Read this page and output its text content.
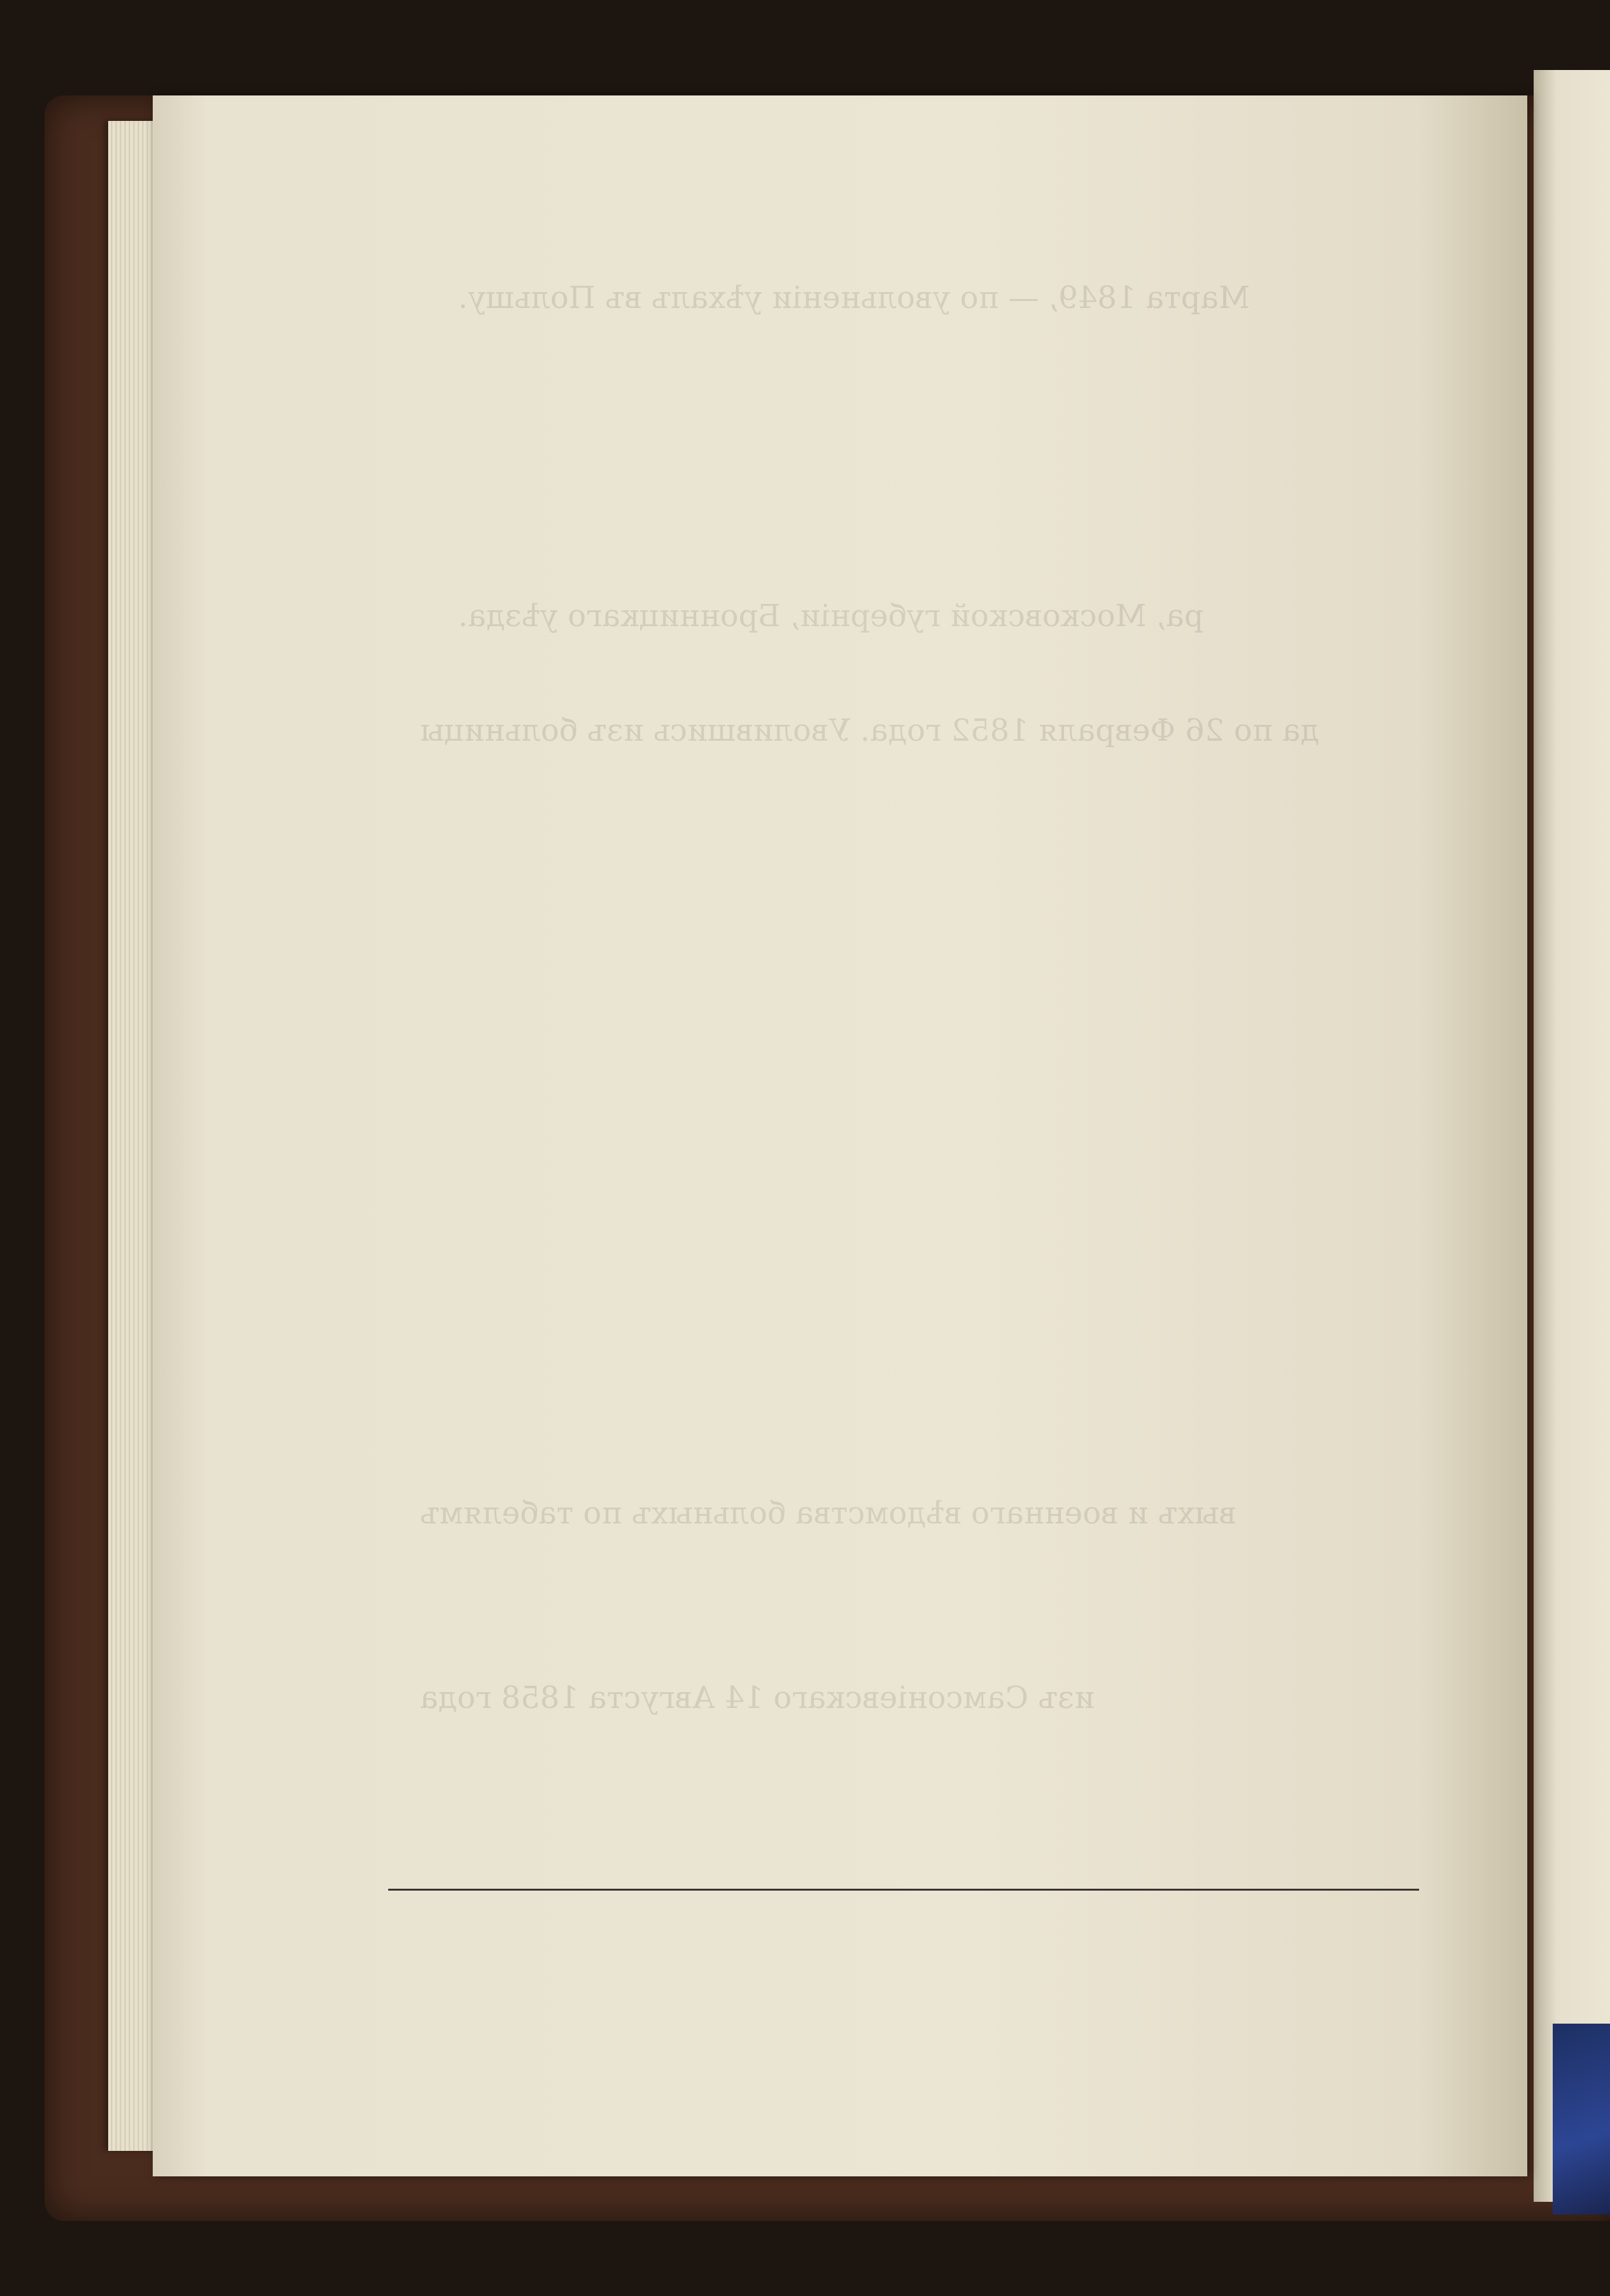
Марта 1849, — по увольненіи уѣхалъ въ Польшу.
ра, Московской губерніи, Бронницкаго уѣзда.
да по 26 Февраля 1852 года. Уволившись изъ больницы
выхъ и военнаго вѣдомства больныхъ по табелямъ
изъ Самсоніевскаго 14 Августа 1858 года
